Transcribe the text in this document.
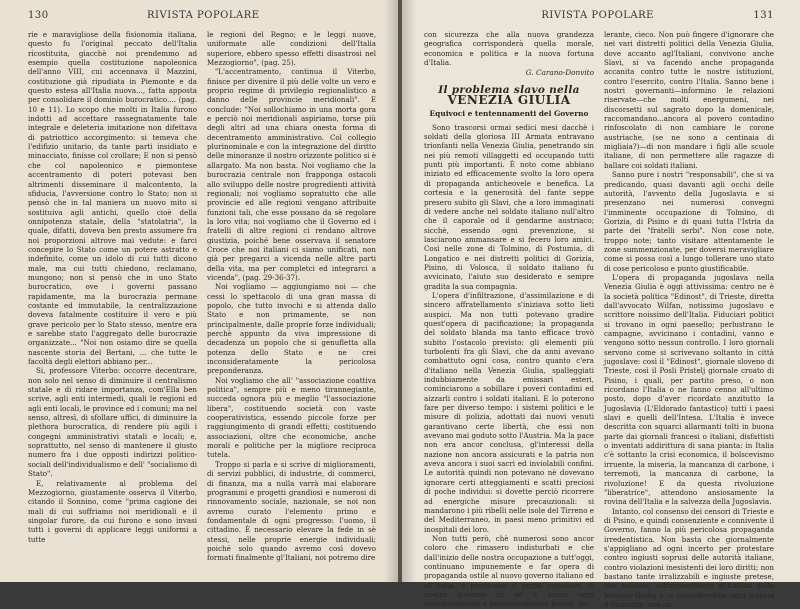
130	RIVISTA POPOLARE

rie e maravigliose della fisionomia italiana, questo fu l'original peccato dell'Italia ricostituita, giacchè noi prendemmo ad esempio quella costituzione napoleonica dell'anno VIII, cui accennava il Mazzini, costituzione già ripudiata in Piemonte e da questo estesa all'Italia nuova..., fatta apposta per consolidare il dominio burocratico.... (pag. 10 e 11). Lo scopo che molti in Italia furono indotti ad accettare rassegnatamente tale integrale e deleteria imitazione non difettava di patriottico accorgimento: si temeva che l'edifizio unitario, da tante parti insidiato e minacciato, finisse col crollare; E non si pensò che col napoleonico e piemontese accentramento di poteri potevasi ben altrimenti disseminare il malcontento, la sfiducia, l'avversione contro lo Stato; non si pensò che in tal maniera un nuovo mito si sostituiva agli antichi, quello cioè della onnipotenza statale, della "statolatria", la quale, difatti, doveva ben presto assumere fra noi proporzioni altrove mai vedute: e farci concepire lo Stato come un potere astratto e indefinito, come un idolo di cui tutti dicono male, ma cui tutti chiedono, reclamano, mungono; non si pensò che in uno Stato burocratico, ove i governi passano rapidamente, ma la burocrazia permane costante ed immutabile, la centralizzazione doveva fatalmente costituire il vero e più grave pericolo per lo Stato stesso, mentre era e sarebbe stato l'aggregato delle burocrazie organizzate... "Noi non osiamo dire se quella nascente storia del Bertani, ... che tutte le facoltà degli elettori abbiano per...

Si, professore Viterbo: occorre decentrare, non solo nel senso di diminuire il centralismo statale e di ridare importanza, com'Ella ben scrive, agli enti intermedi, quali le regioni ed agli enti locali, le province ed i comuni; ma nel senso, altresì, di sfollare uffici, di diminuire la plethora burocratica, di rendere più agili i congegni amministrativi statali e locali; e, soprattutto, nel senso di mantenere il giusto numero fra i due opposti indirizzi politico-sociali dell'individualismo e dell' "socialismo di Stato".

E, relativamente al problema del Mezzogiorno, giustamente osserva il Viterbo, citando il Sonnino, come "prima cagione dei mali di cui soffriamo noi meridionali e il singolar furore, da cui furono e sono invasi tutti i governi di applicare leggi uniformi a tutte

le regioni del Regno; e le leggi nuove, uniformate alle condizioni dell'Italia superiore, ebbero spesso effetti disastrosi nel Mezzogiorno", (pag. 25).

"L'accentramento, continua il Viterbo, finisce per divenire il più delle volte un vero e proprio regime di privilegio regionalistico a danno delle provincie meridionali". E conclude: "Noi sollochiamo in una morta gora e perciò noi meridionali aspiriamo, torse più degli altri ad una chiara onesta forma di decentramento amministrativo. Col collegio plurinominale e con la integrazione del diritto delle minoranze il nostro orizzonte politico si è allargato. Ma non basta. Noi vogliamo che la burocrazia centrale non frapponga ostacoli allo sviluppo delle nostre progredienti attività regionali; noi vogliamo sopratutto che alle provincie ed alle regioni vengano attribuite funzioni tali, che esse possano da sè regolare la loro vita; noi vogliamo che il Governo ed i fratelli di altre regioni ci rendano altrove giustizia, poiché bene osservava il senatore Croce che noi italiani ci siamo unificati, non già per pregarci a vicenda nelle altre parti della vita, ma per completci ed integrarci a vicenda", (pag. 29-36-37).

Noi vogliamo — aggiungiamo noi — che cessi lo spettacolo di una gran massa di popolo, che tutto invochi e si attenda dallo Stato e non primamente, se non principalmente, dalle proprie forze individuali; perchè appunto da viva impressione di decadenza un popolo che si genufletta alla potenza dello Stato e ne crei inconsideratamente la pericolosa preponderanza.

Noi vogliamo che all' "associazione coattiva politica", sempre più e meno tirannegiante, succeda ognora più e meglio "l'associazione libera", costituendo società con vaste cooperativistica, essendo piccole forze per raggiungimento di grandi effetti; costituendo associazioni, oltre che economiche, anche morali e politiche per la migliore reciproca tutela.

Troppo si parla e si scrive di miglioramenti, di servizi pubblici, di industrie, di commerci, di finanza, ma a nulla varrà mai elaborare programmi e progetti grandiosi e numerosi di rinnovamento sociale, nazionale, se noi non avremo curato l'elemento primo e fondamentale di ogni progresso: l'uomo, il cittadino. È necessario elevare la fede in sè stessi, nelle proprie energie individuali; poiché solo quando avremo così dovevo formati finalmente gl'Italiani, noi potremo dire

RIVISTA POPOLARE	131

con sicurezza che alla nuova grandezza geografica corrisponderà quella morale, economica e politica e la nuova fortuna d'Italia.

G. Carano-Donvito
Il problema slavo nella
VENEZIA GIULIA
Equivoci e tentennamenti del Governo

Sono trascorsi ormai sedici mesi dacchè i soldati della gloriosa III Armata entravano trionfanti nella Venezia Giulia, penetrando sin nei più remoti villaggetti ed occupando tutti punti più importanti. È noto come abbiano iniziato ed efficacemente svolto la loro opera di propaganda anticheovele e benefica. La cortesia e la generosità del fante seppe presero subito gli Slavi, che a loro immaginati di vedere anche nel soldato italiano null'altro che il caporale od il gendarme austriaco; sicchè, essendo ogni prevenzione, si lasciarono ammansare e si fecero loro amici. Così nelle zone di Tolmino, di Postumia, di Longatico e nei distretti politici di Gorizia, Pisino, di Volosca, il soldato italiano fu avvicinato, l'aiuto suo desiderato e sempre gradita la sua compagnia.

L'opera d'infiltrazione, d'assimilazione e di sincero affratellamento s'iniziava sotto lieti auspici. Ma non tutti potevano gradire quest'opera di pacificazione; la propaganda del soldato blanda ma tanto efficace trovò subito l'ostacolo previsto: gli elementi più turbolenti fra gli Slavi, che da anni avevano combattuto ogni cosa, contro quanto c'era d'italiano nella Venezia Giulia, spalleggiati indubbiamente da emissari esteri, cominciarono a sobillare i poveri contadini ed aizzarli contro i soldati italiani. E lo poterono fare per diverso tempo: i sistemi politici e le misure di polizia, adottati dai nuovi venuti garantivano certe libertà, che essi non avevano mai goduto sotto l'Austria. Ma la pace non era ancor conclusa, gl'interessi della nazione non ancora assicurati e la patria non aveva ancora i suoi sacri ed inviolabili confini. Le autorità quindi non potevano nè dovevano ignorare certi atteggiamenti e scatti preciosi di poche individui: si dovette perciò ricorrere ad energiche misure precauzionali: si mandarono i più ribelli nelle isole del Tirreno e del Mediterraneo, in paesi meno primitivi ed inospitali dei loro.

Non tutti però, chè numerosi sono ancor coloro che rimasero indisturbati e che dall'inizio delle nostra occupazione a tutt'oggi, continuano impunemente e far opera di propaganda ostile al nuovo governo italiano ed all'Italia, e predicano il verbo jugoslavo. Il nostro governo fu ed è ancor oggi eccessivamente e pericolosamente buono, tol-

lerante, cieco. Non può fingere d'ignorare che nei vari distretti politici della Venezia Giulia, dove accanto agl'Italiani, convivono anche Slavi, si va facendo anche propaganda accanita contro tutte le nostre istituzioni, contro l'esercito, contro l'Italia. Sanno bene i nostri governanti—informino le relazioni riservate—che molti energumeni, nei discorsetti sul sagrato dopo la domenicale, raccomandano...ancora al povero contadino rinfoscolato di non cambiare le corone austriache, (se ne sono a centinaia di migliaia?)—di non mandare i figli alle scuole italiane, di non permettere alle ragazze di ballare coi soldati italiani.

Sanno pure i nostri "responsabili", che si va predicando, quasi davanti agli occhi delle autorità, l'avvento della Jugoslavia e si presenzano nei numerosi convegni l'imminente occupazione di Tolmino, di Gorizia, di Pisino e di quasi tutta l'Istria da parte dei "fratelli serbi". Non cose note, troppo note; tanto visitare attentamente le zone summenzionate, per doversi meravigliare come si possa così a lungo tollerare uno stato di cose pericoloso e punto giustificabile.

L'opera di propaganda jugoslava nella Venezia Giulia è oggi attivissima: centro ne è la società politica "Edinost", di Trieste, diretta dall'avvocato Wilfan, notissimo jugoslavo e scrittore noissimo dell'Italia. Fiduciari politici si trovano in ogni paesello; perlustrano le campagne, avvicinano i contadini, vanno e vengono sotto nessun controllo. I loro giornali servono come si scrivevano soltanto in città jugoslave: così il "Edinost", giornale sloveno di Trieste, così il Posli Pristelj giornale croato di Pisino, i quali, per partito preso, o non ricordano l'Italia o ne fanno cenno all'ultimo posto, dopo d'aver ricordato anzitutto la Jugoslavia (L'Eldorado fantastico) tutti i paesi slavi e quelli dell'Intesa. L'Italia è invece descritta con squarci allarmanti tolti in buona parte dai giornali francesi o italiani, disfattisti o inventati addirittura di sana pianta: in Italia c'è sottanto la crisi economica, il bolscevismo irruente, la miseria, la mancanza di carbone, i terremoti, la mancanza di carbone, la rivoluzione! E da questa rivoluzione "liberatrice", attendono ansiosamente la rovina dell'Italia e la salvezza della Jugoslavia.

Intanto, col consenso dei censori di Trieste e di Pisino, e quindi consenziente e connivente il Governo, fanno la più pericolosa propaganda irredentistica. Non basta che giornalmente s'appigliano ad ogni incerto per protestare contro ingiusti soprusi delle autorità italiane, contro violazioni inesistenti dei loro diritti; non bastano tante irralizzabili e ingiuste pretese, che solidate, soffocherebbero gl'Italiani della Venezia Giulia e si cancellerebbe ogni traccia d'italianità; non ab-
